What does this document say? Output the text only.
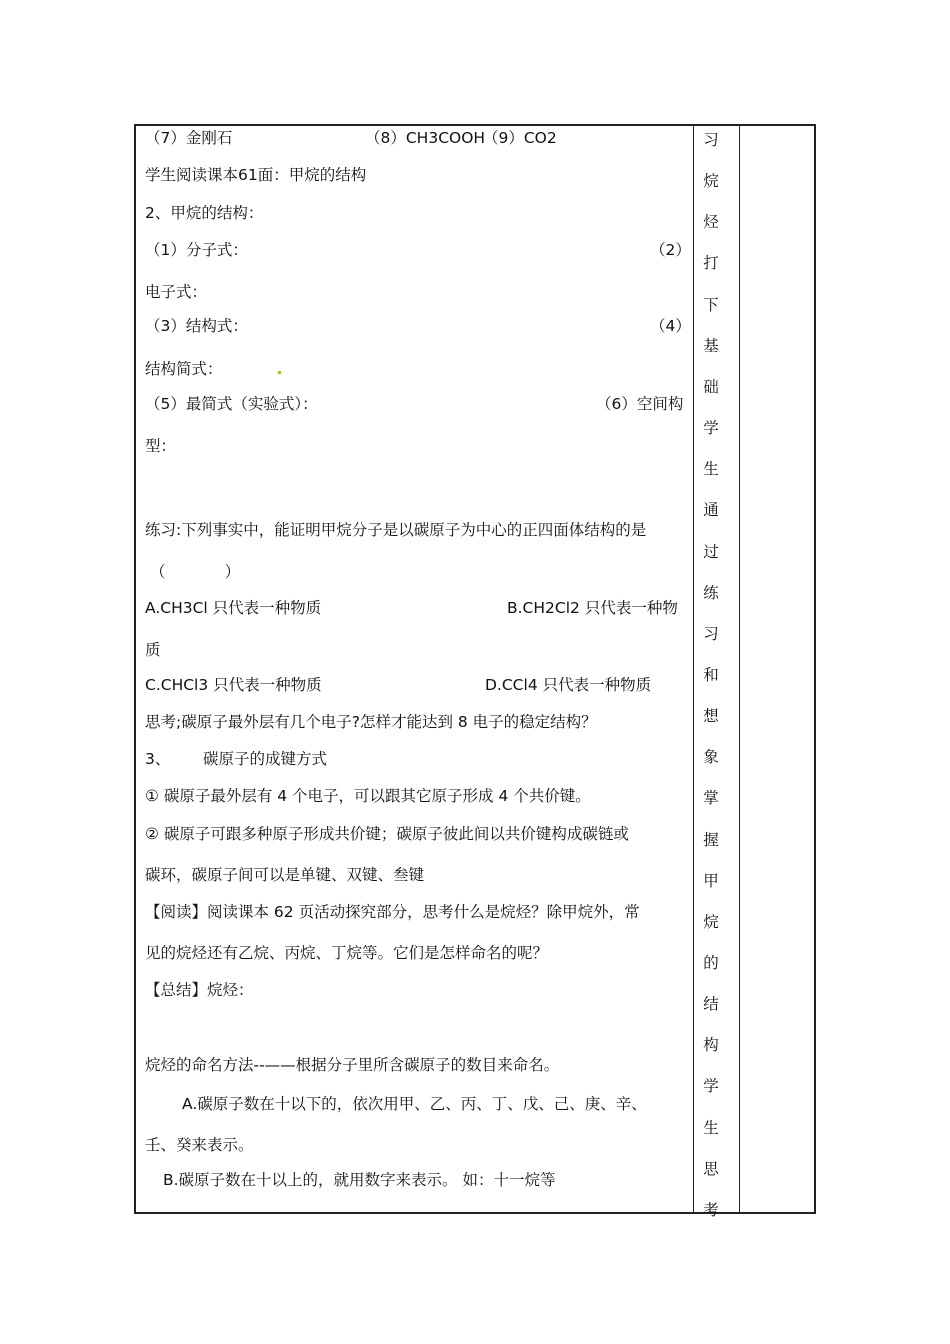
（7）金刚石	（8）CH3COOH
（9）CO2
学生阅读课本61面：甲烷的结构
2、甲烷的结构：
（1）分子式：	（2）
电子式：
（3）结构式：	（4）
结构简式：
（5）最简式（实验式）：	（6）空间构
型：
练习:下列事实中，能证明甲烷分子是以碳原子为中心的正四面体结构的是
（            ）
A.CH3Cl 只代表一种物质	B.CH2Cl2 只代表一种物
质
C.CHCl3 只代表一种物质	D.CCl4 只代表一种物质
思考;碳原子最外层有几个电子?怎样才能达到 8 电子的稳定结构？
3、 碳原子的成键方式
① 碳原子最外层有 4 个电子，可以跟其它原子形成 4 个共价键。
② 碳原子可跟多种原子形成共价键；碳原子彼此间以共价键构成碳链或
碳环，碳原子间可以是单键、双键、叁键
【阅读】阅读课本 62 页活动探究部分，思考什么是烷烃？除甲烷外，常
见的烷烃还有乙烷、丙烷、丁烷等。它们是怎样命名的呢？
【总结】烷烃：
烷烃的命名方法--——根据分子里所含碳原子的数目来命名。
A.碳原子数在十以下的，依次用甲、乙、丙、丁、戊、己、庚、辛、
壬、癸来表示。
B.碳原子数在十以上的，就用数字来表示。 如：十一烷等
习
烷
烃
打
下
基
础
学
生
通
过
练
习
和
想
象
掌
握
甲
烷
的
结
构
学
生
思
考
